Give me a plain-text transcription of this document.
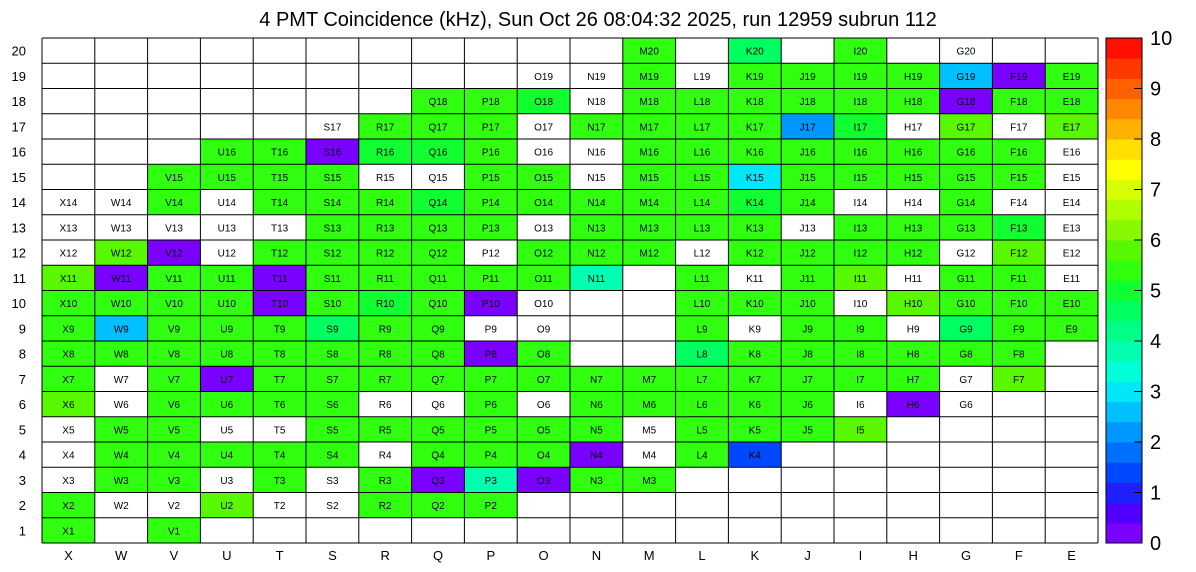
4 PMT Coincidence (kHz), Sun Oct 26 08:04:32 2025, run 12959 subrun 112
M20	K20	I20	G20
O19	N19	M19	L19	K19	J19	I19	H19	G19	F19	E19
Q18	P18	O18	N18	M18	L18	K18	J18	I18	H18	G18	F18	E18
S17	R17	Q17	P17	O17	N17	M17	L17	K17	J17	I17	H17	G17	F17	E17
U16	T16	S16	R16	Q16	P16	O16	N16	M16	L16	K16	J16	I16	H16	G16	F16	E16
V15	U15	T15	S15	R15	Q15	P15	O15	N15	M15	L15	K15	J15	I15	H15	G15	F15	E15
X14	W14	V14	U14	T14	S14	R14	Q14	P14	O14	N14	M14	L14	K14	J14	I14	H14	G14	F14	E14
X13	W13	V13	U13	T13	S13	R13	Q13	P13	O13	N13	M13	L13	K13	J13	I13	H13	G13	F13	E13
X12	W12	V12	U12	T12	S12	R12	Q12	P12	O12	N12	M12	L12	K12	J12	I12	H12	G12	F12	E12
X11	W11	V11	U11	T11	S11	R11	Q11	P11	O11	N11	L11	K11	J11	I11	H11	G11	F11	E11
X10	W10	V10	U10	T10	S10	R10	Q10	P10	O10	L10	K10	J10	I10	H10	G10	F10	E10
X9	W9	V9	U9	T9	S9	R9	Q9	P9	O9	L9	K9	J9	I9	H9	G9	F9	E9
X8	W8	V8	U8	T8	S8	R8	Q8	P8	O8	L8	K8	J8	I8	H8	G8	F8
X7	W7	V7	U7	T7	S7	R7	Q7	P7	O7	N7	M7	L7	K7	J7	I7	H7	G7	F7
X6	W6	V6	U6	T6	S6	R6	Q6	P6	O6	N6	M6	L6	K6	J6	I6	H6	G6
X5	W5	V5	U5	T5	S5	R5	Q5	P5	O5	N5	M5	L5	K5	J5	I5
X4	W4	V4	U4	T4	S4	R4	Q4	P4	O4	N4	M4	L4	K4
X3	W3	V3	U3	T3	S3	R3	Q3	P3	O3	N3	M3
X2	W2	V2	U2	T2	S2	R2	Q2	P2
X1	V1
X	W	V	U	T	S	R	Q	P	O	N	M	L	K	J	I	H	G	F	E
1
2
3
4
5
6
7
8
9
10
11
12
13
14
15
16
17
18
19
20
0
1
2
3
4
5
6
7
8
9
10
